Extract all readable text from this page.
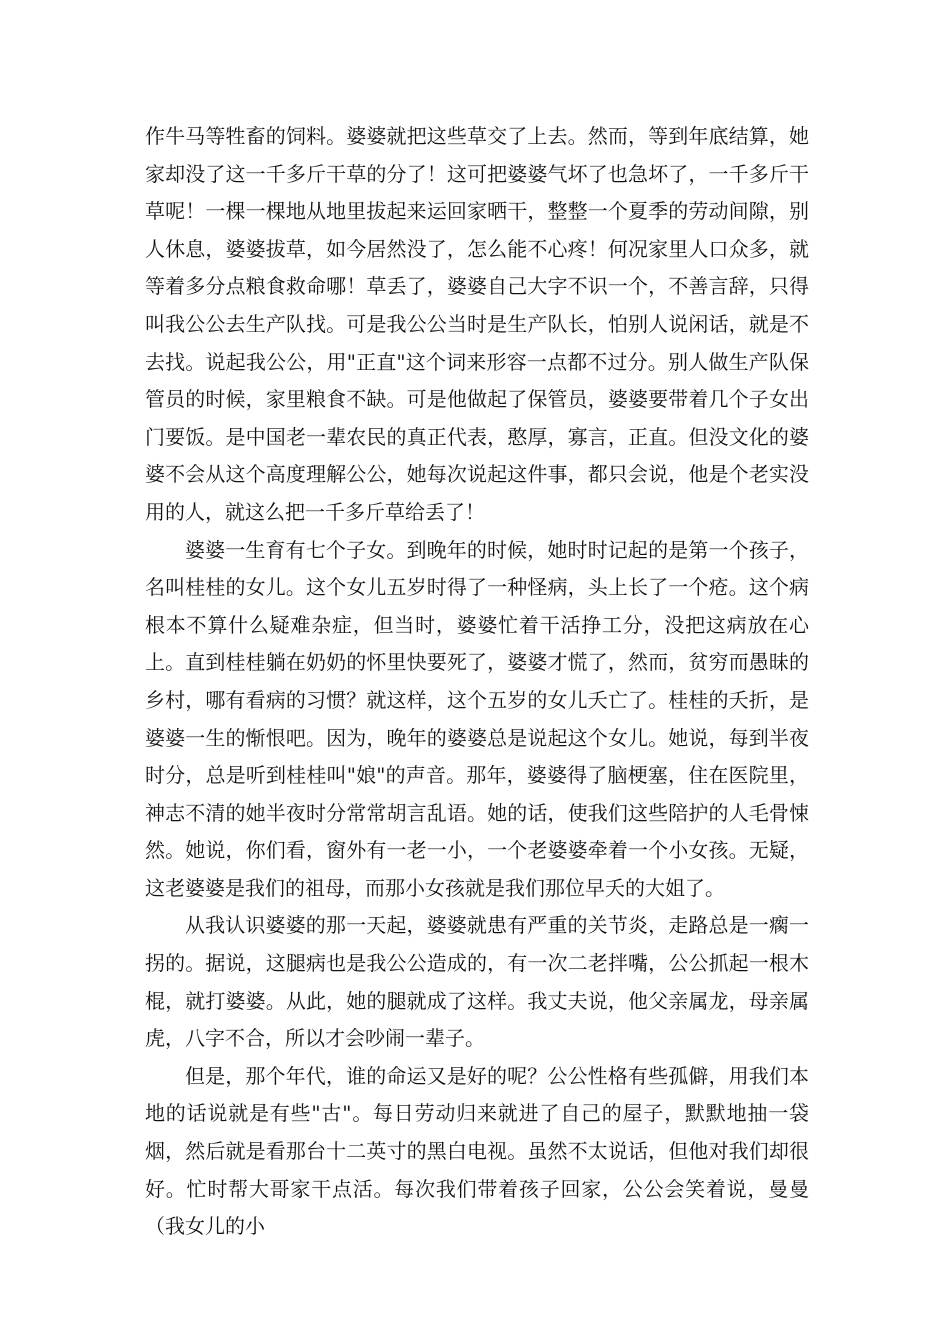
作牛马等牲畜的饲料。婆婆就把这些草交了上去。然而，等到年底结算，她家却没了这一千多斤干草的分了！这可把婆婆气坏了也急坏了，一千多斤干草呢！一棵一棵地从地里拔起来运回家晒干，整整一个夏季的劳动间隙，别人休息，婆婆拔草，如今居然没了，怎么能不心疼！何况家里人口众多，就等着多分点粮食救命哪！草丢了，婆婆自己大字不识一个，不善言辞，只得叫我公公去生产队找。可是我公公当时是生产队长，怕别人说闲话，就是不去找。说起我公公，用"正直"这个词来形容一点都不过分。别人做生产队保管员的时候，家里粮食不缺。可是他做起了保管员，婆婆要带着几个子女出门要饭。是中国老一辈农民的真正代表，憨厚，寡言，正直。但没文化的婆婆不会从这个高度理解公公，她每次说起这件事，都只会说，他是个老实没用的人，就这么把一千多斤草给丢了！

婆婆一生育有七个子女。到晚年的时候，她时时记起的是第一个孩子，名叫桂桂的女儿。这个女儿五岁时得了一种怪病，头上长了一个疮。这个病根本不算什么疑难杂症，但当时，婆婆忙着干活挣工分，没把这病放在心上。直到桂桂躺在奶奶的怀里快要死了，婆婆才慌了，然而，贫穷而愚昧的乡村，哪有看病的习惯？就这样，这个五岁的女儿夭亡了。桂桂的夭折，是婆婆一生的惭恨吧。因为，晚年的婆婆总是说起这个女儿。她说，每到半夜时分，总是听到桂桂叫"娘"的声音。那年，婆婆得了脑梗塞，住在医院里，神志不清的她半夜时分常常胡言乱语。她的话，使我们这些陪护的人毛骨悚然。她说，你们看，窗外有一老一小，一个老婆婆牵着一个小女孩。无疑，这老婆婆是我们的祖母，而那小女孩就是我们那位早夭的大姐了。

从我认识婆婆的那一天起，婆婆就患有严重的关节炎，走路总是一瘸一拐的。据说，这腿病也是我公公造成的，有一次二老拌嘴，公公抓起一根木棍，就打婆婆。从此，她的腿就成了这样。我丈夫说，他父亲属龙，母亲属虎，八字不合，所以才会吵闹一辈子。

但是，那个年代，谁的命运又是好的呢？公公性格有些孤僻，用我们本地的话说就是有些"古"。每日劳动归来就进了自己的屋子，默默地抽一袋烟，然后就是看那台十二英寸的黑白电视。虽然不太说话，但他对我们却很好。忙时帮大哥家干点活。每次我们带着孩子回家，公公会笑着说，曼曼（我女儿的小
